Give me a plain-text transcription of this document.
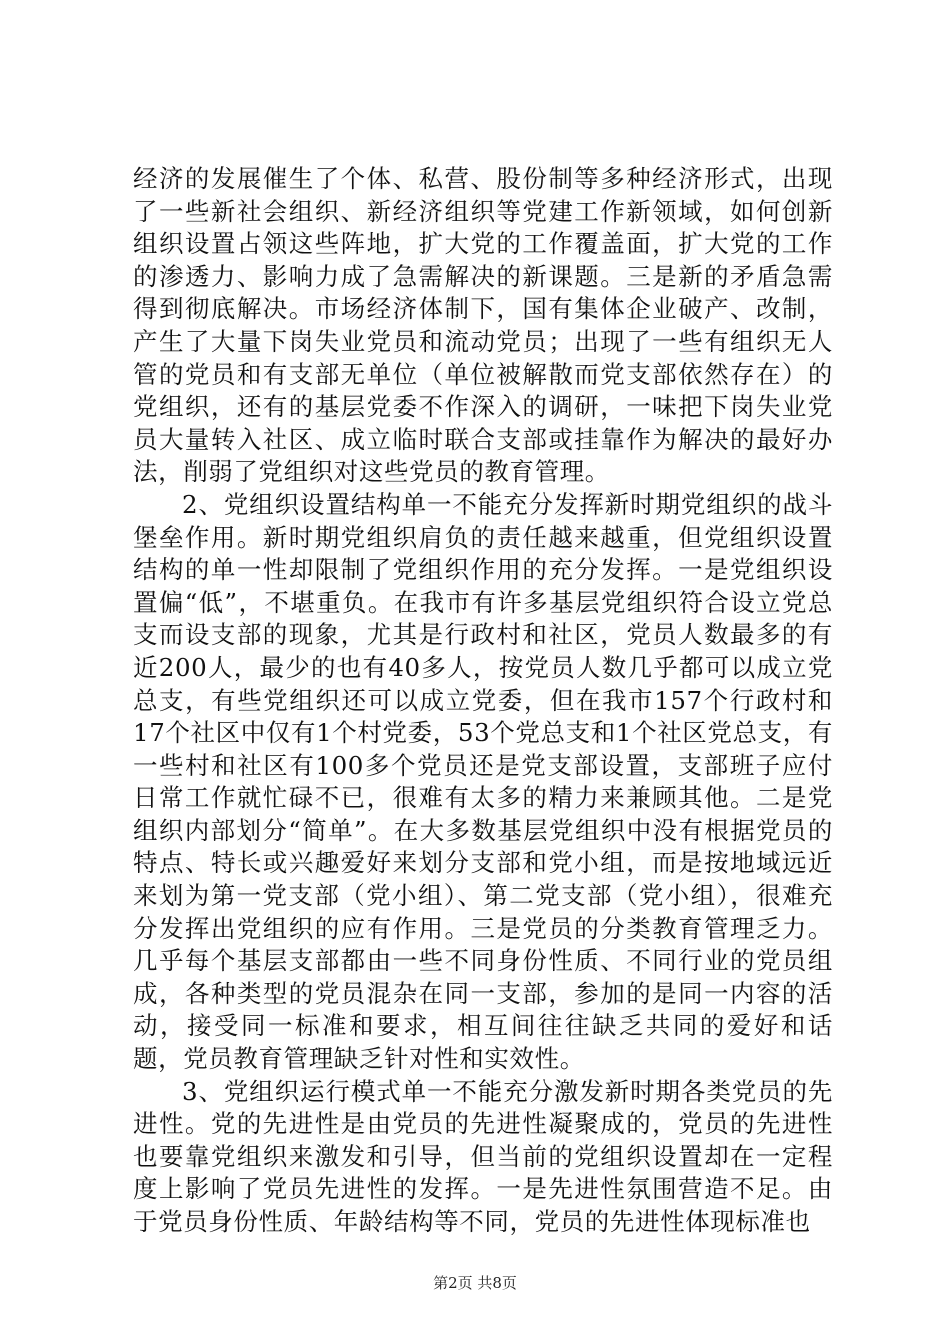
经济的发展催生了个体、私营、股份制等多种经济形式，出现了一些新社会组织、新经济组织等党建工作新领域，如何创新组织设置占领这些阵地，扩大党的工作覆盖面，扩大党的工作的渗透力、影响力成了急需解决的新课题。三是新的矛盾急需得到彻底解决。市场经济体制下，国有集体企业破产、改制，产生了大量下岗失业党员和流动党员；出现了一些有组织无人管的党员和有支部无单位（单位被解散而党支部依然存在）的党组织，还有的基层党委不作深入的调研，一味把下岗失业党员大量转入社区、成立临时联合支部或挂靠作为解决的最好办法，削弱了党组织对这些党员的教育管理。

2、党组织设置结构单一不能充分发挥新时期党组织的战斗堡垒作用。新时期党组织肩负的责任越来越重，但党组织设置结构的单一性却限制了党组织作用的充分发挥。一是党组织设置偏“低”，不堪重负。在我市有许多基层党组织符合设立党总支而设支部的现象，尤其是行政村和社区，党员人数最多的有近200人，最少的也有40多人，按党员人数几乎都可以成立党总支，有些党组织还可以成立党委，但在我市157个行政村和17个社区中仅有1个村党委，53个党总支和1个社区党总支，有一些村和社区有100多个党员还是党支部设置，支部班子应付日常工作就忙碌不已，很难有太多的精力来兼顾其他。二是党组织内部划分“简单”。在大多数基层党组织中没有根据党员的特点、特长或兴趣爱好来划分支部和党小组，而是按地域远近来划为第一党支部（党小组）、第二党支部（党小组），很难充分发挥出党组织的应有作用。三是党员的分类教育管理乏力。几乎每个基层支部都由一些不同身份性质、不同行业的党员组成，各种类型的党员混杂在同一支部，参加的是同一内容的活动，接受同一标准和要求，相互间往往缺乏共同的爱好和话题，党员教育管理缺乏针对性和实效性。

3、党组织运行模式单一不能充分激发新时期各类党员的先进性。党的先进性是由党员的先进性凝聚成的，党员的先进性也要靠党组织来激发和引导，但当前的党组织设置却在一定程度上影响了党员先进性的发挥。一是先进性氛围营造不足。由于党员身份性质、年龄结构等不同，党员的先进性体现标准也

第2页 共8页
